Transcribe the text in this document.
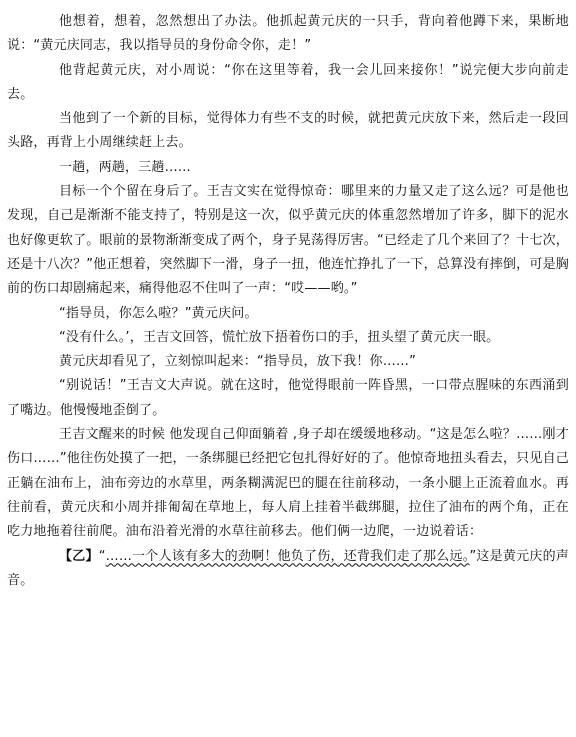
他想着，想着，忽然想出了办法。他抓起黄元庆的一只手，背向着他蹲下来，果断地说：“黄元庆同志，我以指导员的身份命令你，走！”

他背起黄元庆，对小周说：“你在这里等着，我一会儿回来接你！”说完便大步向前走去。

当他到了一个新的目标，觉得体力有些不支的时候，就把黄元庆放下来，然后走一段回头路，再背上小周继续赶上去。

一趟，两趟，三趟……

目标一个个留在身后了。王吉文实在觉得惊奇：哪里来的力量又走了这么远？可是他也发现，自己是渐渐不能支持了，特别是这一次，似乎黄元庆的体重忽然增加了许多，脚下的泥水也好像更软了。眼前的景物渐渐变成了两个，身子晃荡得厉害。“已经走了几个来回了？十七次，还是十八次？”他正想着，突然脚下一滑，身子一扭，他连忙挣扎了一下，总算没有摔倒，可是胸前的伤口却剧痛起来，痛得他忍不住叫了一声：“哎——哟。”

“指导员，你怎么啦？”黄元庆问。

“没有什么。’，王吉文回答，慌忙放下捂着伤口的手，扭头望了黄元庆一眼。

黄元庆却看见了，立刻惊叫起来：“指导员，放下我！你……”

“别说话！”王吉文大声说。就在这时，他觉得眼前一阵昏黑，一口带点腥味的东西涌到了嘴边。他慢慢地歪倒了。

王吉文醒来的时候 他发现自己仰面躺着 ,身子却在缓缓地移动。“这是怎么啦？……刚才伤口……”他往伤处摸了一把，一条绑腿已经把它包扎得好好的了。他惊奇地扭头看去，只见自己正躺在油布上，油布旁边的水草里，两条糊满泥巴的腿在往前移动，一条小腿上正流着血水。再往前看，黄元庆和小周并排匍匐在草地上，每人肩上挂着半截绑腿，拉住了油布的两个角，正在吃力地拖着往前爬。油布沿着光滑的水草往前移去。他们俩一边爬，一边说着话：

【乙】“……一个人该有多大的劲啊！他负了伤，还背我们走了那么远。”这是黄元庆的声音。
